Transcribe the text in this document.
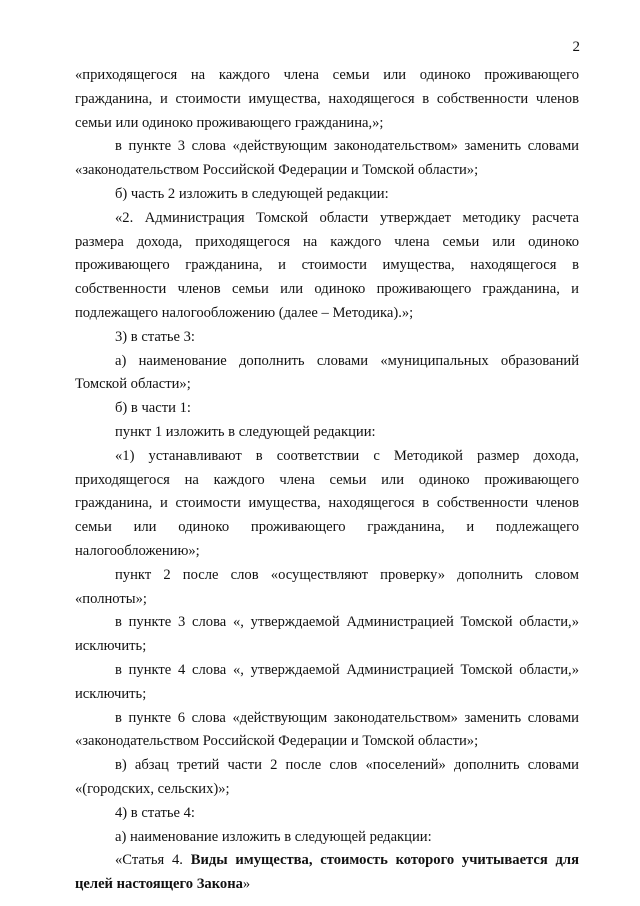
2

«приходящегося на каждого члена семьи или одиноко проживающего гражданина, и стоимости имущества, находящегося в собственности членов семьи или одиноко проживающего гражданина,»;

в пункте 3 слова «действующим законодательством» заменить словами «законодательством Российской Федерации и Томской области»;

б) часть 2 изложить в следующей редакции:

«2. Администрация Томской области утверждает методику расчета размера дохода, приходящегося на каждого члена семьи или одиноко проживающего гражданина, и стоимости имущества, находящегося в собственности членов семьи или одиноко проживающего гражданина, и подлежащего налогообложению (далее – Методика).»;

3) в статье 3:

а) наименование дополнить словами «муниципальных образований Томской области»;

б) в части 1:

пункт 1 изложить в следующей редакции:

«1) устанавливают в соответствии с Методикой размер дохода, приходящегося на каждого члена семьи или одиноко проживающего гражданина, и стоимости имущества, находящегося в собственности членов семьи или одиноко проживающего гражданина, и подлежащего налогообложению»;

пункт 2 после слов «осуществляют проверку» дополнить словом «полноты»;

в пункте 3 слова «, утверждаемой Администрацией Томской области,» исключить;

в пункте 4 слова «, утверждаемой Администрацией Томской области,» исключить;

в пункте 6 слова «действующим законодательством» заменить словами «законодательством Российской Федерации и Томской области»;

в) абзац третий части 2 после слов «поселений» дополнить словами «(городских, сельских)»;

4) в статье 4:

а) наименование изложить в следующей редакции:

«Статья 4. Виды имущества, стоимость которого учитывается для целей настоящего Закона»
